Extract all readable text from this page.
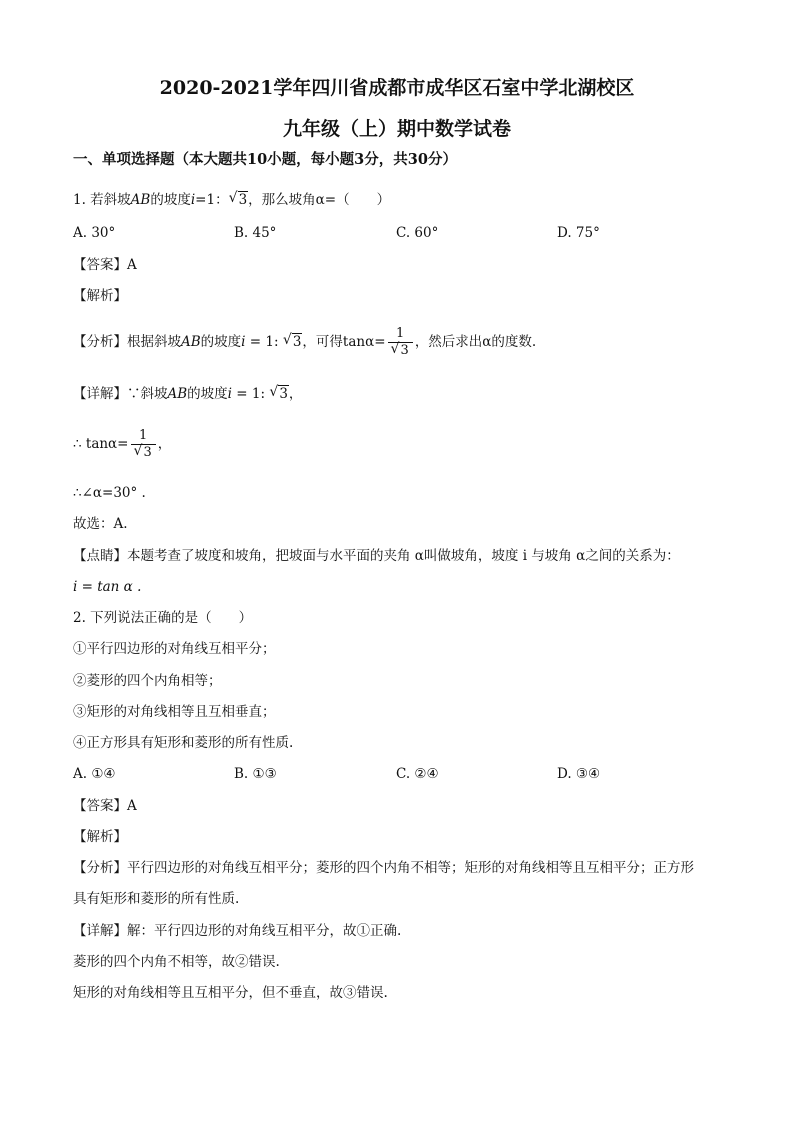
2020-2021学年四川省成都市成华区石室中学北湖校区
九年级（上）期中数学试卷
一、单项选择题（本大题共10小题，每小题3分，共30分）
1. 若斜坡AB的坡度i=1： √ 3，那么坡角α=（　　）
A. 30°	B. 45°	C. 60°	D. 75°
【答案】A
【解析】
【分析】根据斜坡AB的坡度i = 1: √ 3，可得$\tan\alpha= \frac{1}{√ 3}$ ，然后求出α的度数.
【详解】∵斜坡AB的坡度i = 1: √ 3，
∴ $\tan\alpha= \frac{1}{√ 3}$ ，
∴∠α=30° .
故选：A.
【点睛】本题考查了坡度和坡角，把坡面与水平面的夹角 α叫做坡角，坡度 i 与坡角 α之间的关系为：
i = tan α .
2. 下列说法正确的是（　　）
①平行四边形的对角线互相平分；
②菱形的四个内角相等；
③矩形的对角线相等且互相垂直；
④正方形具有矩形和菱形的所有性质.
A. ①④	B. ①③	C. ②④	D. ③④
【答案】A
【解析】
【分析】平行四边形的对角线互相平分；菱形的四个内角不相等；矩形的对角线相等且互相平分；正方形
具有矩形和菱形的所有性质.
【详解】解：平行四边形的对角线互相平分，故①正确.
菱形的四个内角不相等，故②错误.
矩形的对角线相等且互相平分，但不垂直，故③错误.
